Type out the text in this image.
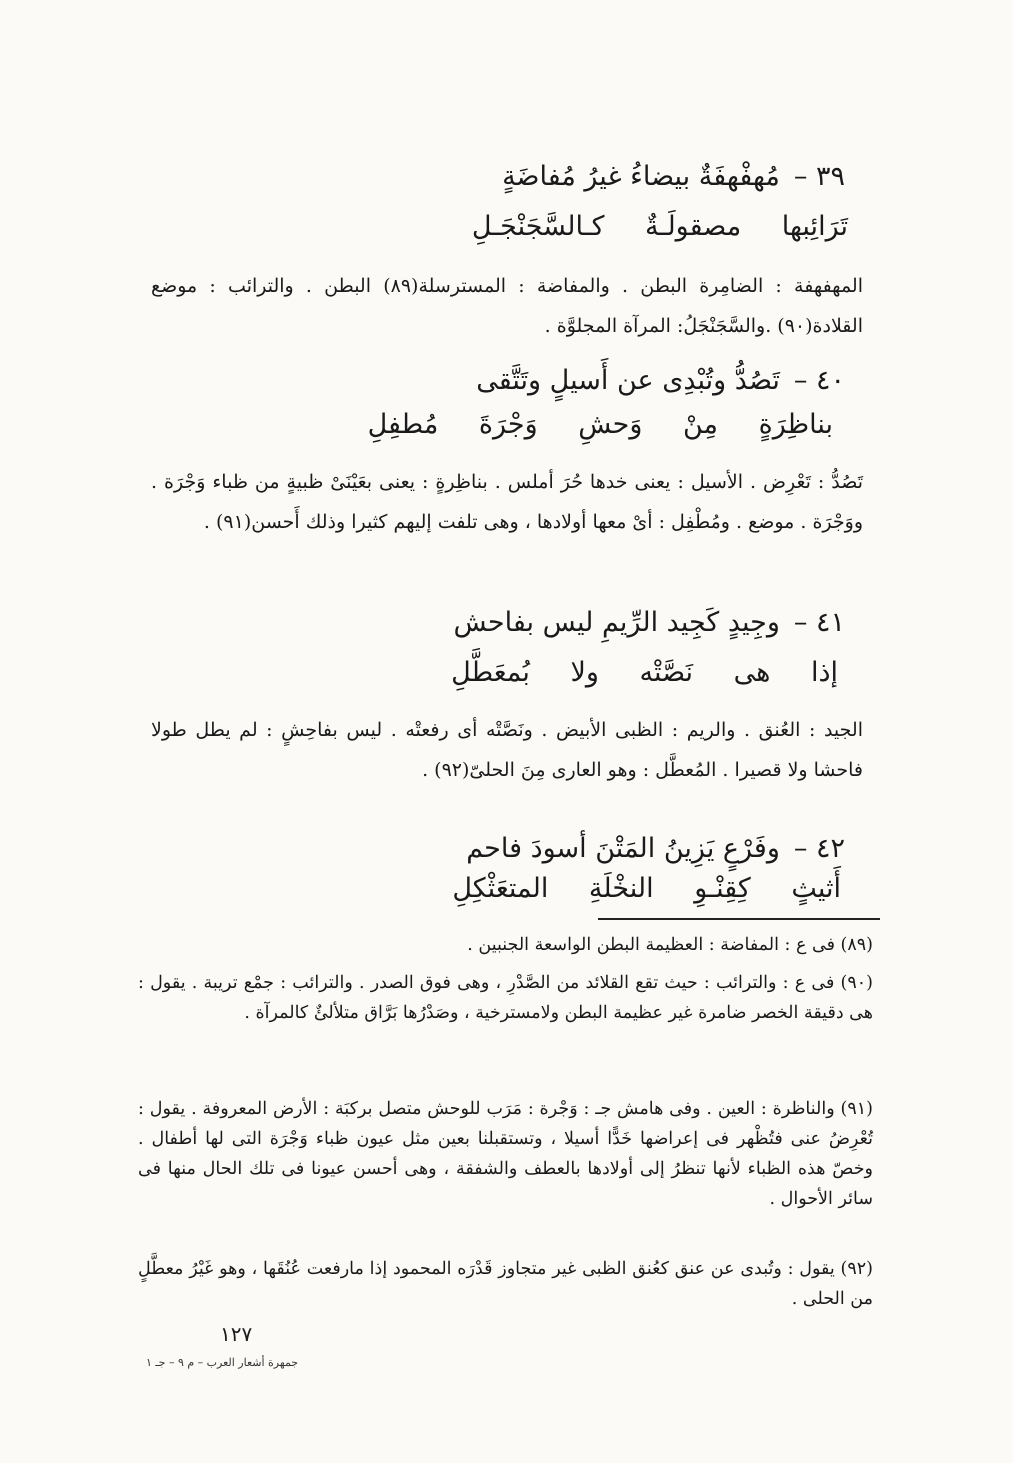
٣٩ –مُهفْهفَةٌ بيضاءُ غيرُ مُفاضَةٍ
تَرَائِبها مصقولَـةٌ كـالسَّجَنْجَـلِ
المهفهفة : الضامِرة البطن . والمفاضة : المسترسلة(٨٩) البطن . والترائب : موضع القلادة(٩٠) .والسَّجَنْجَلُ: المرآة المجلوَّة .
٤٠ –تَصُدُّ وتُبْدِى عن أَسيلٍ وتَتَّقى
بناظِرَةٍ مِنْ وَحشِ وَجْرَةَ مُطفِلِ
تَصُدُّ : تَعْرِض . الأسيل : يعنى خدها حُرَ أملس . بناظِرةٍ : يعنى بعَيْنَىْ ظبيةٍ من ظباء وَجْرَة . ووَجْرَة . موضع . ومُطْفِل : أىْ معها أولادها ، وهى تلفت إليهم كثيرا وذلك أَحسن(٩١) .
٤١ –وجِيدٍ كَجِيد الرِّيمِ ليس بفاحش
إذا هى نَصَّتْه ولا بُمعَطَّلِ
الجيد : العُنق . والريم : الظبى الأبيض . ونَصَّتْه أى رفعتْه . ليس بفاحِشٍ : لم يطل طولا فاحشا ولا قصيرا . المُعطَّل : وهو العارى مِنَ الحلىّ(٩٢) .
٤٢ –وفَرْعٍ يَزِينُ المَتْنَ أسودَ فاحم
أَثيثٍ كِقِنْـوِ النخْلَةِ المتعَثْكِلِ
(٨٩) فى ع : المفاضة : العظيمة البطن الواسعة الجنبين .
(٩٠) فى ع : والترائب : حيث تقع القلائد من الصَّدْرِ ، وهى فوق الصدر . والترائب : جمْع تريبة . يقول : هى دقيقة الخصر ضامرة غير عظيمة البطن ولامسترخية ، وصَدْرُها بَرَّاق متلألئٌ كالمرآة .
(٩١) والناظرة : العين . وفى هامش جـ : وَجْرة : مَرَب للوحش متصل بركبَة : الأرض المعروفة . يقول : تُعْرِضُ عنى فتُظْهر فى إعراضها خَدًّا أسيلا ، وتستقبلنا بعين مثل عيون ظباء وَجْرَة التى لها أطفال . وخصّ هذه الظباء لأنها تنظرُ إلى أولادها بالعطف والشفقة ، وهى أحسن عيونا فى تلك الحال منها فى سائر الأحوال .
(٩٢) يقول : وتُبدى عن عنق كعُنق الظبى غير متجاوز قَدْرَه المحمود إذا مارفعت عُنُقَها ، وهو غَيْرُ معطَّلٍ من الحلى .
١٢٧
جمهرة أشعار العرب – م ٩ – جـ ١
